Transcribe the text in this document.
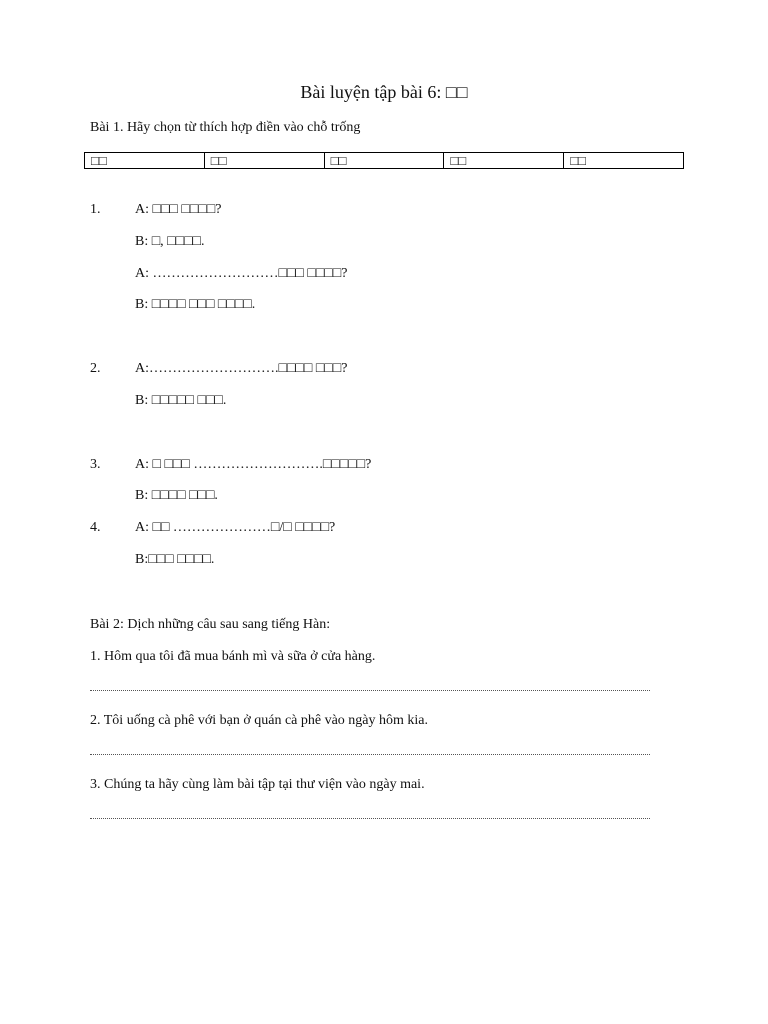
Bài luyện tập bài 6: □□
Bài 1. Hãy chọn từ thích hợp điền vào chỗ trống
□□	□□	□□	□□	□□
1. A: □□□ □□□□?
B: □, □□□□.
A: ………………………□□□ □□□□?
B: □□□□ □□□ □□□□.
2. A:……………………….□□□□ □□□?
B: □□□□□ □□□.
3. A: □ □□□ ……………………….□□□□□?
B: □□□□ □□□.
4. A: □□ …………………□/□ □□□□?
B:□□□ □□□□.
Bài 2: Dịch những câu sau sang tiếng Hàn:
1. Hôm qua tôi đã mua bánh mì và sữa ở cửa hàng.
2. Tôi uống cà phê với bạn ở quán cà phê vào ngày hôm kia.
3. Chúng ta hãy cùng làm bài tập tại thư viện vào ngày mai.
